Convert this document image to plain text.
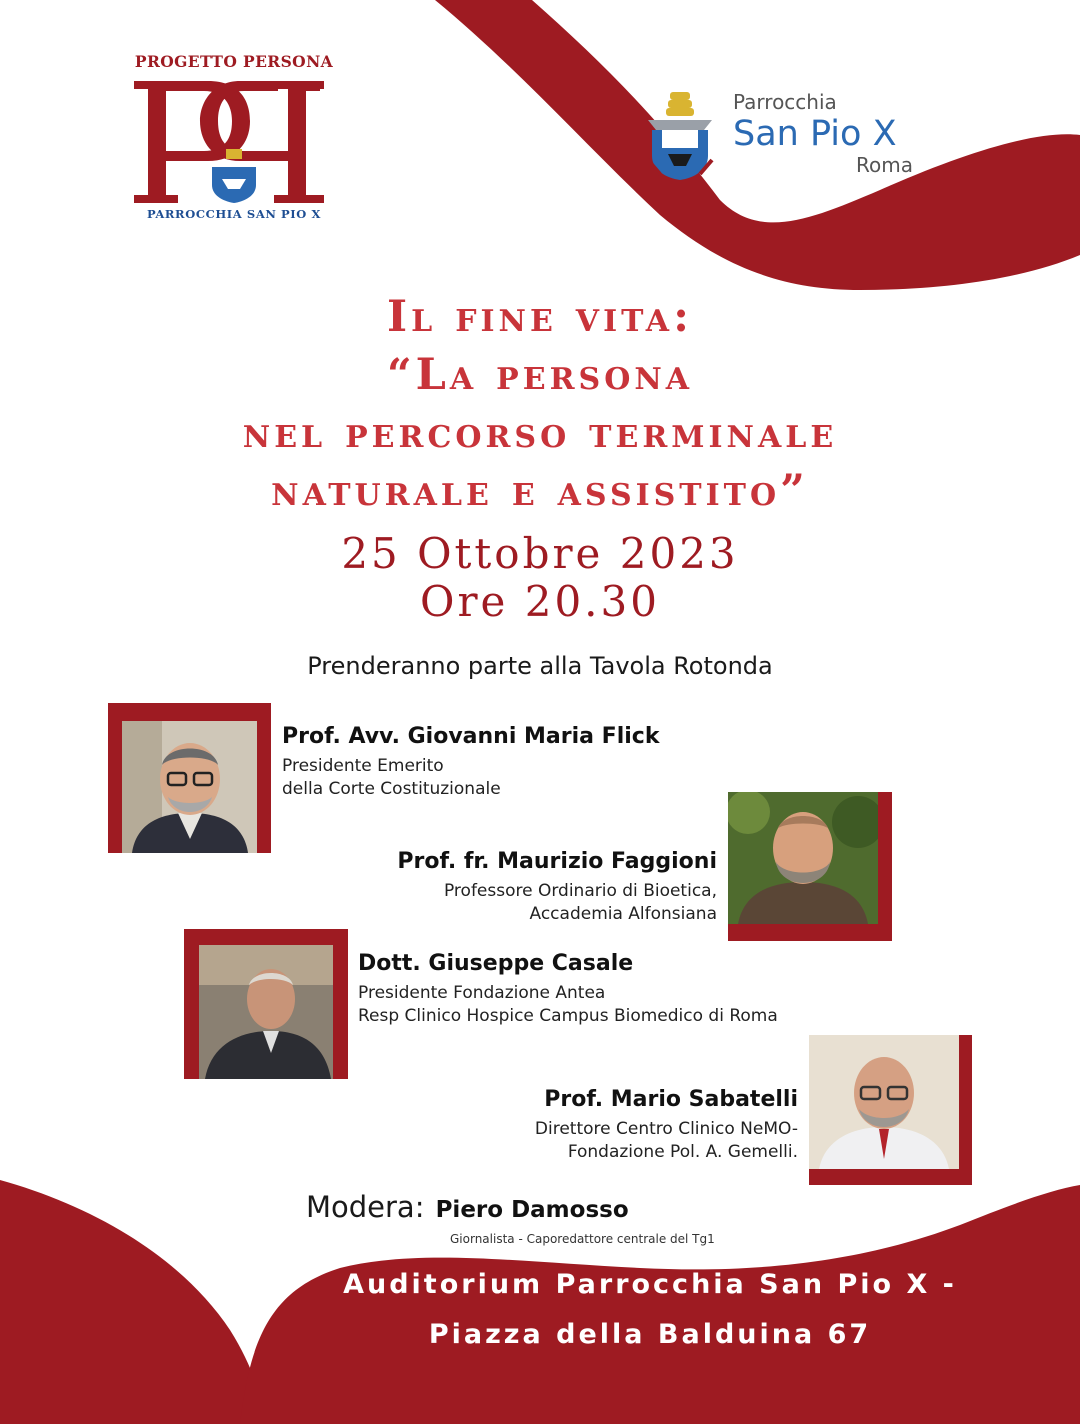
PROGETTO PERSONA
PARROCCHIA SAN PIO X
Parrocchia
San Pio X
Roma
Il fine vita:
“La persona
nel percorso terminale
naturale e assistito”
25 Ottobre 2023
Ore 20.30
Prenderanno parte alla Tavola Rotonda
Prof. Avv. Giovanni Maria Flick
Presidente Emerito
della Corte Costituzionale
Prof. fr. Maurizio Faggioni
Professore Ordinario di Bioetica,
Accademia Alfonsiana
Dott. Giuseppe Casale
Presidente Fondazione Antea
Resp Clinico Hospice Campus Biomedico di Roma
Prof. Mario Sabatelli
Direttore Centro Clinico NeMO-
Fondazione Pol. A. Gemelli.
Modera: Piero Damosso
Giornalista - Caporedattore centrale del Tg1
Auditorium Parrocchia San Pio X -
Piazza della Balduina 67
